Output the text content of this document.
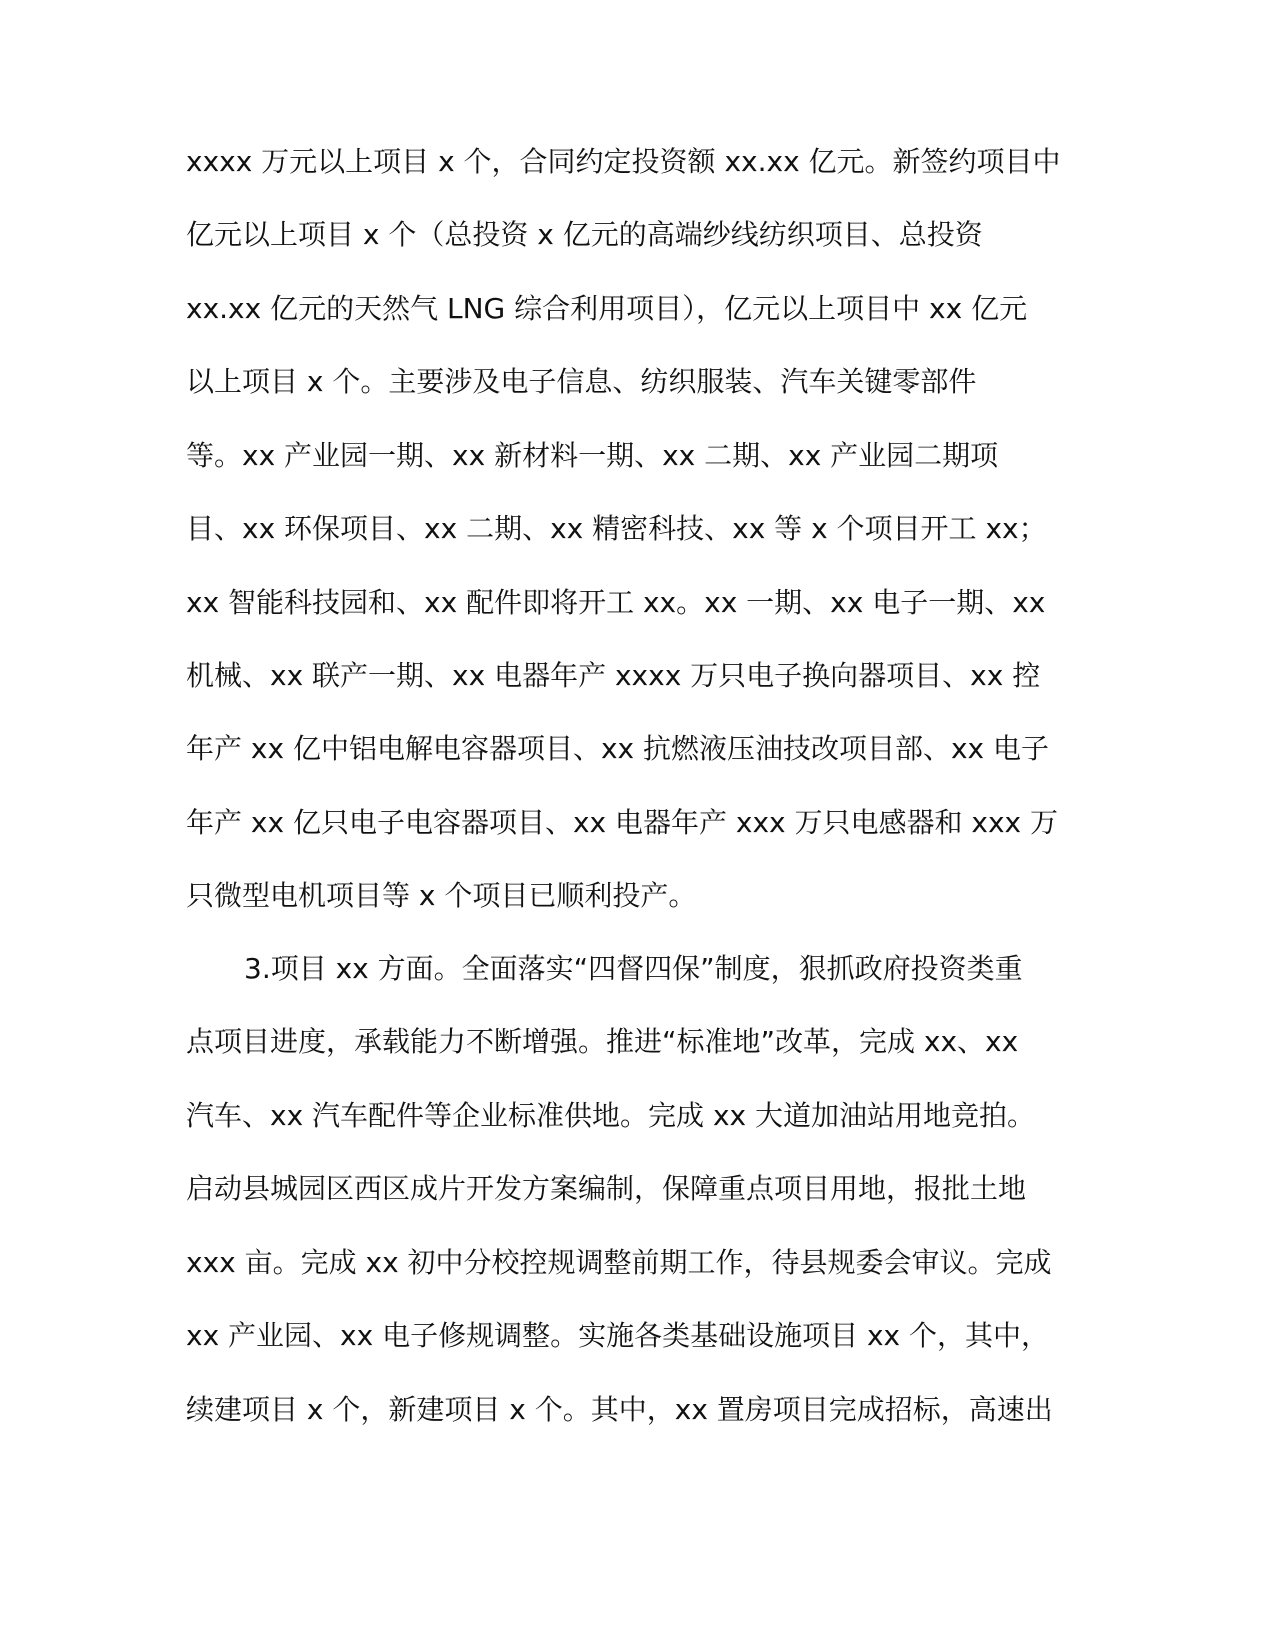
xxxx 万元以上项目 x 个，合同约定投资额 xx.xx 亿元。新签约项目中

亿元以上项目 x 个（总投资 x 亿元的高端纱线纺织项目、总投资

xx.xx 亿元的天然气 LNG 综合利用项目），亿元以上项目中 xx 亿元

以上项目 x 个。主要涉及电子信息、纺织服装、汽车关键零部件

等。xx 产业园一期、xx 新材料一期、xx 二期、xx 产业园二期项

目、xx 环保项目、xx 二期、xx 精密科技、xx 等 x 个项目开工 xx；

xx 智能科技园和、xx 配件即将开工 xx。xx 一期、xx 电子一期、xx

机械、xx 联产一期、xx 电器年产 xxxx 万只电子换向器项目、xx 控

年产 xx 亿中铝电解电容器项目、xx 抗燃液压油技改项目部、xx 电子

年产 xx 亿只电子电容器项目、xx 电器年产 xxx 万只电感器和 xxx 万

只微型电机项目等 x 个项目已顺利投产。

3.项目 xx 方面。全面落实“四督四保”制度，狠抓政府投资类重

点项目进度，承载能力不断增强。推进“标准地”改革，完成 xx、xx

汽车、xx 汽车配件等企业标准供地。完成 xx 大道加油站用地竞拍。

启动县城园区西区成片开发方案编制，保障重点项目用地，报批土地

xxx 亩。完成 xx 初中分校控规调整前期工作，待县规委会审议。完成

xx 产业园、xx 电子修规调整。实施各类基础设施项目 xx 个，其中，

续建项目 x 个，新建项目 x 个。其中，xx 置房项目完成招标，高速出
